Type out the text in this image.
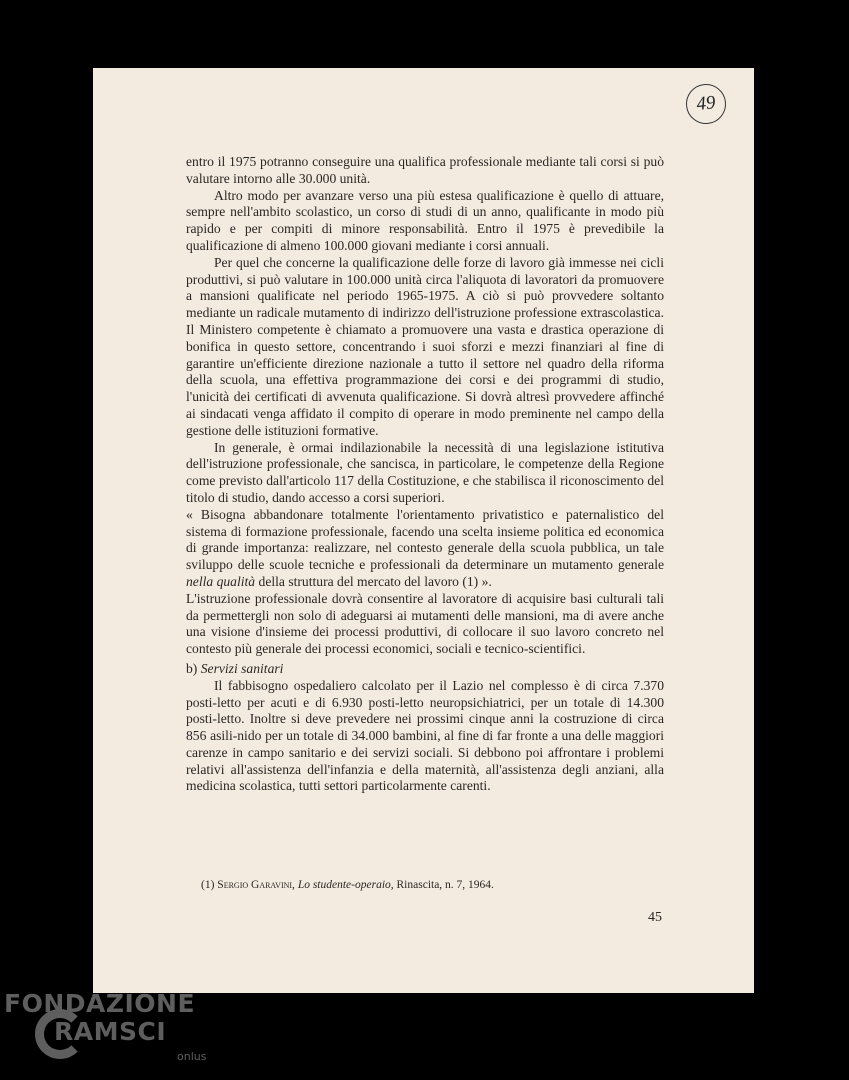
49

entro il 1975 potranno conseguire una qualifica professionale mediante tali corsi si può valutare intorno alle 30.000 unità.

Altro modo per avanzare verso una più estesa qualificazione è quello di attuare, sempre nell'ambito scolastico, un corso di studi di un anno, qualificante in modo più rapido e per compiti di minore responsabilità. Entro il 1975 è prevedibile la qualificazione di almeno 100.000 giovani mediante i corsi annuali.

Per quel che concerne la qualificazione delle forze di lavoro già immesse nei cicli produttivi, si può valutare in 100.000 unità circa l'aliquota di lavoratori da promuovere a mansioni qualificate nel periodo 1965-1975. A ciò si può provvedere soltanto mediante un radicale mutamento di indirizzo dell'istruzione professione extrascolastica. Il Ministero competente è chiamato a promuovere una vasta e drastica operazione di bonifica in questo settore, concentrando i suoi sforzi e mezzi finanziari al fine di garantire un'efficiente direzione nazionale a tutto il settore nel quadro della riforma della scuola, una effettiva programmazione dei corsi e dei programmi di studio, l'unicità dei certificati di avvenuta qualificazione. Si dovrà altresì provvedere affinché ai sindacati venga affidato il compito di operare in modo preminente nel campo della gestione delle istituzioni formative.

In generale, è ormai indilazionabile la necessità di una legislazione istitutiva dell'istruzione professionale, che sancisca, in particolare, le competenze della Regione come previsto dall'articolo 117 della Costituzione, e che stabilisca il riconoscimento del titolo di studio, dando accesso a corsi superiori.

« Bisogna abbandonare totalmente l'orientamento privatistico e paternalistico del sistema di formazione professionale, facendo una scelta insieme politica ed economica di grande importanza: realizzare, nel contesto generale della scuola pubblica, un tale sviluppo delle scuole tecniche e professionali da determinare un mutamento generale nella qualità della struttura del mercato del lavoro (1) ».

L'istruzione professionale dovrà consentire al lavoratore di acquisire basi culturali tali da permettergli non solo di adeguarsi ai mutamenti delle mansioni, ma di avere anche una visione d'insieme dei processi produttivi, di collocare il suo lavoro concreto nel contesto più generale dei processi economici, sociali e tecnico-scientifici.

b) Servizi sanitari

Il fabbisogno ospedaliero calcolato per il Lazio nel complesso è di circa 7.370 posti-letto per acuti e di 6.930 posti-letto neuropsichiatrici, per un totale di 14.300 posti-letto. Inoltre si deve prevedere nei prossimi cinque anni la costruzione di circa 856 asili-nido per un totale di 34.000 bambini, al fine di far fronte a una delle maggiori carenze in campo sanitario e dei servizi sociali. Si debbono poi affrontare i problemi relativi all'assistenza dell'infanzia e della maternità, all'assistenza degli anziani, alla medicina scolastica, tutti settori particolarmente carenti.

(1) Sergio Garavini, Lo studente-operaio, Rinascita, n. 7, 1964.
45
FONDAZIONE
RAMSCI
onlus
